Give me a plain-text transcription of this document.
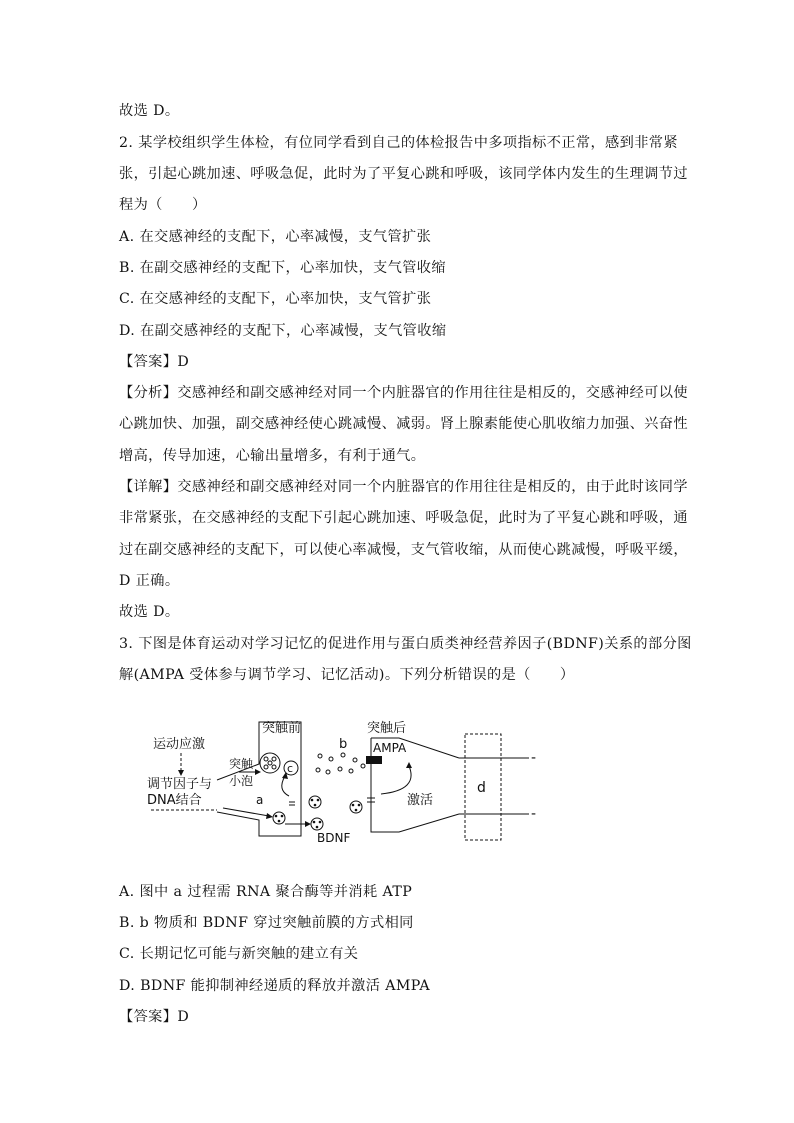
故选 D。
2. 某学校组织学生体检，有位同学看到自己的体检报告中多项指标不正常，感到非常紧
张，引起心跳加速、呼吸急促，此时为了平复心跳和呼吸，该同学体内发生的生理调节过
程为（　　）
A. 在交感神经的支配下，心率减慢，支气管扩张
B. 在副交感神经的支配下，心率加快，支气管收缩
C. 在交感神经的支配下，心率加快，支气管扩张
D. 在副交感神经的支配下，心率减慢，支气管收缩
【答案】D
【分析】交感神经和副交感神经对同一个内脏器官的作用往往是相反的，交感神经可以使
心跳加快、加强，副交感神经使心跳减慢、减弱。肾上腺素能使心肌收缩力加强、兴奋性
增高，传导加速，心输出量增多，有利于通气。
【详解】交感神经和副交感神经对同一个内脏器官的作用往往是相反的，由于此时该同学
非常紧张，在交感神经的支配下引起心跳加速、呼吸急促，此时为了平复心跳和呼吸，通
过在副交感神经的支配下，可以使心率减慢，支气管收缩，从而使心跳减慢，呼吸平缓，
D 正确。
故选 D。
3. 下图是体育运动对学习记忆的促进作用与蛋白质类神经营养因子(BDNF)关系的部分图
解(AMPA 受体参与调节学习、记忆活动)。下列分析错误的是（　　）
突触前	突触后
运动应激
调节因子与
DNA结合
突触
小泡
c
a
BDNF
b AMPA
激活
d
-
-
A. 图中 a 过程需 RNA 聚合酶等并消耗 ATP
B. b 物质和 BDNF 穿过突触前膜的方式相同
C. 长期记忆可能与新突触的建立有关
D. BDNF 能抑制神经递质的释放并激活 AMPA
【答案】D
